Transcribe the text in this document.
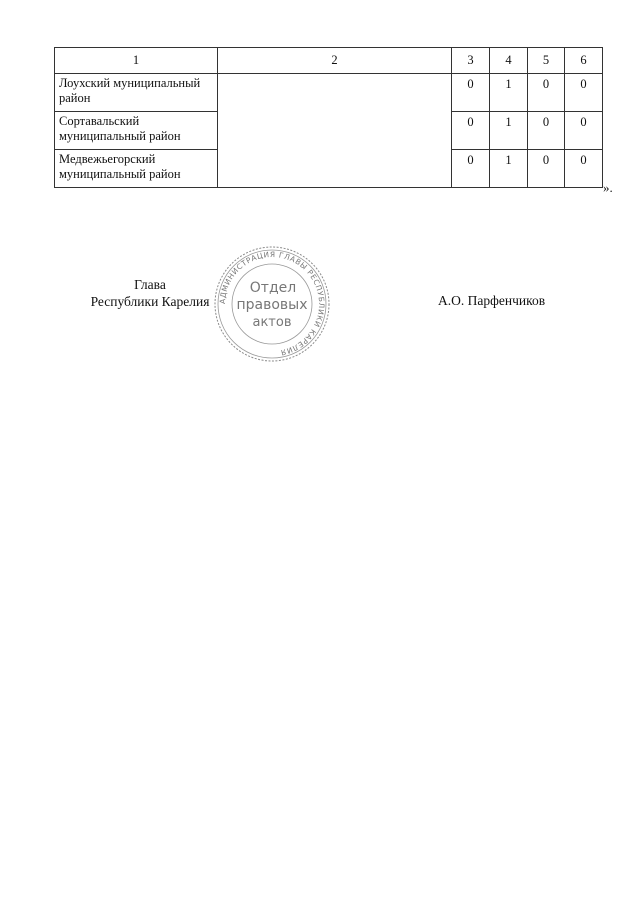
1	2	3	4	5	6
Лоухский муниципальный район		0	1	0	0
Сортавальский муниципальный район		0	1	0	0
Медвежьегорский муниципальный район		0	1	0	0
».
Глава
Республики Карелия	А.О. Парфенчиков
АДМИНИСТРАЦИЯ ГЛАВЫ РЕСПУБЛИКИ КАРЕЛИЯ
Отдел
правовых
актов
